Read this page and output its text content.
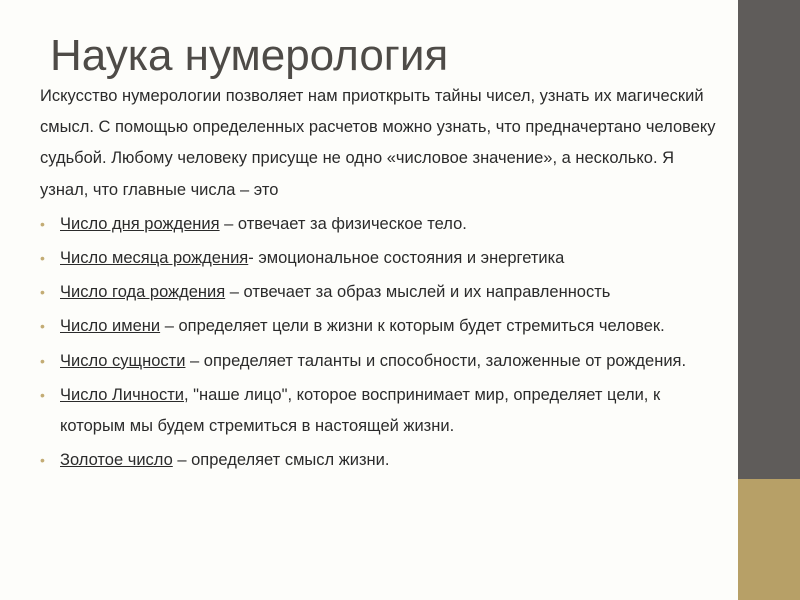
Наука нумерология

Искусство нумерологии позволяет нам приоткрыть тайны чисел, узнать их магический смысл. С помощью определенных расчетов можно узнать, что предначертано человеку судьбой. Любому человеку присуще не одно «числовое значение», а несколько. Я узнал, что главные числа – это

• Число дня рождения – отвечает за физическое тело.
• Число месяца рождения- эмоциональное состояния и энергетика
• Число года рождения – отвечает за образ мыслей и их направленность
• Число имени – определяет цели в жизни к которым будет стремиться человек.
• Число сущности – определяет таланты и способности, заложенные от рождения.
• Число Личности, "наше лицо", которое воспринимает мир, определяет цели, к которым мы будем стремиться в настоящей жизни.
• Золотое число – определяет смысл жизни.
